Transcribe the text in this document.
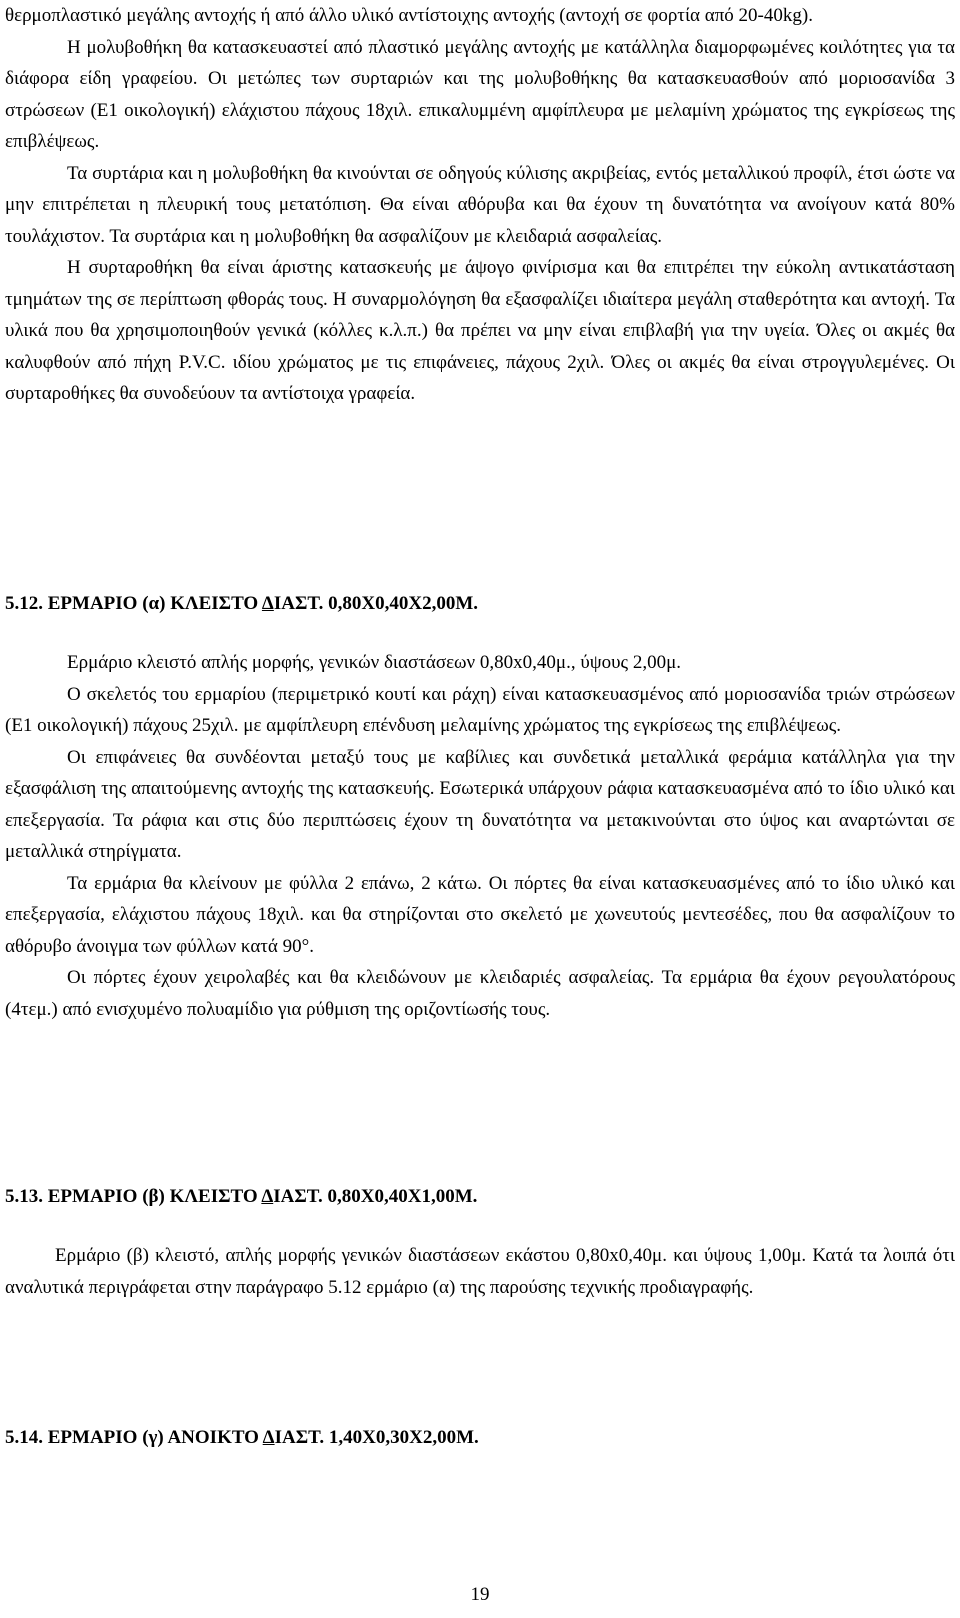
θερμοπλαστικό μεγάλης αντοχής ή από άλλο υλικό αντίστοιχης αντοχής (αντοχή σε φορτία από 20-40kg).

Η μολυβοθήκη θα κατασκευαστεί από πλαστικό μεγάλης αντοχής με κατάλληλα διαμορφωμένες κοιλότητες για τα διάφορα είδη γραφείου. Οι μετώπες των συρταριών και της μολυβοθήκης θα κατασκευασθούν από μοριοσανίδα 3 στρώσεων (Ε1 οικολογική) ελάχιστου πάχους 18χιλ. επικαλυμμένη αμφίπλευρα με μελαμίνη χρώματος της εγκρίσεως της επιβλέψεως.

Τα συρτάρια και η μολυβοθήκη θα κινούνται σε οδηγούς κύλισης ακριβείας, εντός μεταλλικού προφίλ, έτσι ώστε να μην επιτρέπεται η πλευρική τους μετατόπιση. Θα είναι αθόρυβα και θα έχουν τη δυνατότητα να ανοίγουν κατά 80% τουλάχιστον. Τα συρτάρια και η μολυβοθήκη θα ασφαλίζουν με κλειδαριά ασφαλείας.

Η συρταροθήκη θα είναι άριστης κατασκευής με άψογο φινίρισμα και θα επιτρέπει την εύκολη αντικατάσταση τμημάτων της σε περίπτωση φθοράς τους. Η συναρμολόγηση θα εξασφαλίζει ιδιαίτερα μεγάλη σταθερότητα και αντοχή. Τα υλικά που θα χρησιμοποιηθούν γενικά (κόλλες κ.λ.π.) θα πρέπει να μην είναι επιβλαβή για την υγεία. Όλες οι ακμές θα καλυφθούν από πήχη P.V.C. ιδίου χρώματος με τις επιφάνειες, πάχους 2χιλ. Όλες οι ακμές θα είναι στρογγυλεμένες. Οι συρταροθήκες θα συνοδεύουν τα αντίστοιχα γραφεία.

5.12. ΕΡΜΑΡΙΟ (α) ΚΛΕΙΣΤΟ ΔΙΑΣΤ. 0,80Χ0,40Χ2,00Μ.

Ερμάριο κλειστό απλής μορφής, γενικών διαστάσεων 0,80x0,40μ., ύψους 2,00μ.

Ο σκελετός του ερμαρίου (περιμετρικό κουτί και ράχη) είναι κατασκευασμένος από μοριοσανίδα τριών στρώσεων (Ε1 οικολογική) πάχους 25χιλ. με αμφίπλευρη επένδυση μελαμίνης χρώματος της εγκρίσεως της επιβλέψεως.

Οι επιφάνειες θα συνδέονται μεταξύ τους με καβίλιες και συνδετικά μεταλλικά φεράμια κατάλληλα για την εξασφάλιση της απαιτούμενης αντοχής της κατασκευής. Εσωτερικά υπάρχουν ράφια κατασκευασμένα από το ίδιο υλικό και επεξεργασία. Τα ράφια και στις δύο περιπτώσεις έχουν τη δυνατότητα να μετακινούνται στο ύψος και αναρτώνται σε μεταλλικά στηρίγματα.

Τα ερμάρια θα κλείνουν με φύλλα 2 επάνω, 2 κάτω. Οι πόρτες θα είναι κατασκευασμένες από το ίδιο υλικό και επεξεργασία, ελάχιστου πάχους 18χιλ. και θα στηρίζονται στο σκελετό με χωνευτούς μεντεσέδες, που θα ασφαλίζουν το αθόρυβο άνοιγμα των φύλλων κατά 90°.

Οι πόρτες έχουν χειρολαβές και θα κλειδώνουν με κλειδαριές ασφαλείας. Τα ερμάρια θα έχουν ρεγουλατόρους (4τεμ.) από ενισχυμένο πολυαμίδιο για ρύθμιση της οριζοντίωσής τους.

5.13. ΕΡΜΑΡΙΟ (β) ΚΛΕΙΣΤΟ ΔΙΑΣΤ. 0,80Χ0,40Χ1,00Μ.

Ερμάριο (β) κλειστό, απλής μορφής γενικών διαστάσεων εκάστου 0,80x0,40μ. και ύψους 1,00μ. Κατά τα λοιπά ότι αναλυτικά περιγράφεται στην παράγραφο 5.12 ερμάριο (α) της παρούσης τεχνικής προδιαγραφής.

5.14. ΕΡΜΑΡΙΟ (γ) ΑΝΟΙΚΤΟ ΔΙΑΣΤ. 1,40Χ0,30Χ2,00Μ.

19
